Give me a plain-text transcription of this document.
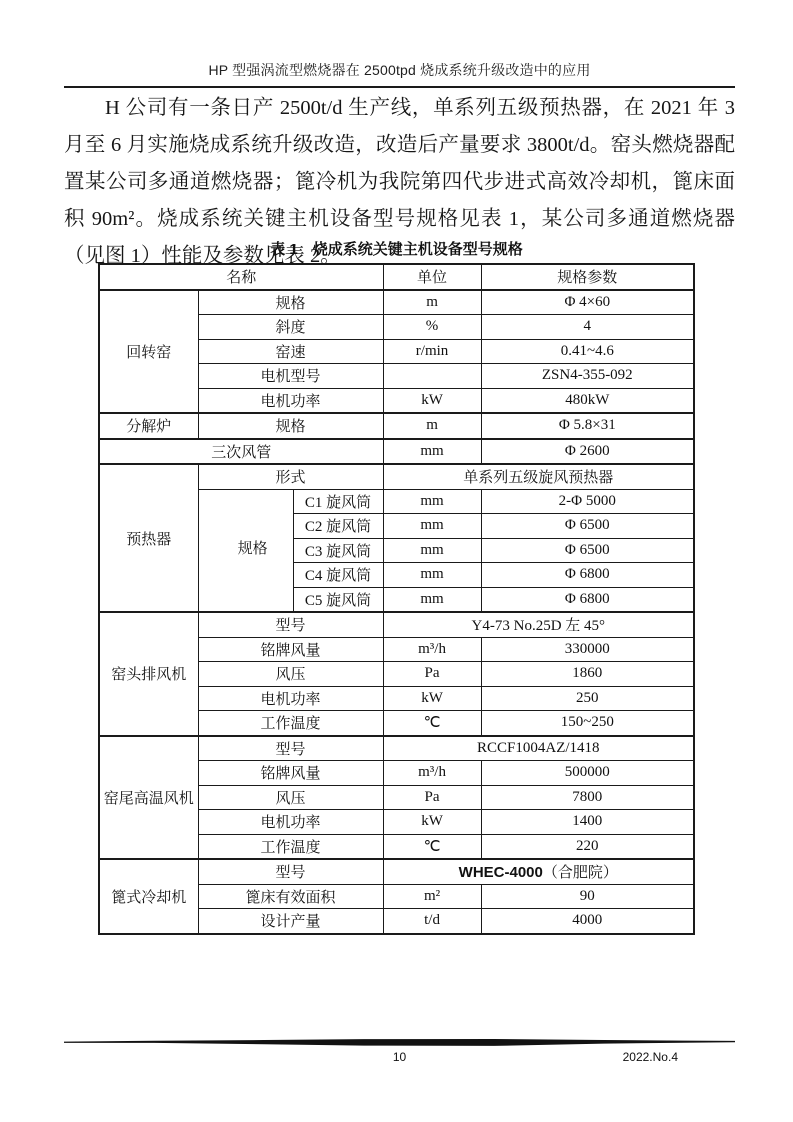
HP 型强涡流型燃烧器在 2500tpd 烧成系统升级改造中的应用

H 公司有一条日产 2500t/d 生产线，单系列五级预热器，在 2021 年 3 月至 6 月实施烧成系统升级改造，改造后产量要求 3800t/d。窑头燃烧器配置某公司多通道燃烧器；篦冷机为我院第四代步进式高效冷却机，篦床面积 90m²。烧成系统关键主机设备型号规格见表 1，某公司多通道燃烧器（见图 1）性能及参数见表 2。

表 1　烧成系统关键主机设备型号规格
名称			单位	规格参数
回转窑	规格		m	Φ 4×60
	斜度		%	4
	窑速		r/min	0.41~4.6
	电机型号			ZSN4-355-092
	电机功率		kW	480kW
分解炉	规格		m	Φ 5.8×31
三次风管			mm	Φ 2600
预热器	形式		单系列五级旋风预热器	
	规格	C1 旋风筒	mm	2-Φ 5000
		C2 旋风筒	mm	Φ 6500
		C3 旋风筒	mm	Φ 6500
		C4 旋风筒	mm	Φ 6800
		C5 旋风筒	mm	Φ 6800
窑头排风机	型号		Y4-73 No.25D 左 45°	
	铭牌风量		m³/h	330000
	风压		Pa	1860
	电机功率		kW	250
	工作温度		℃	150~250
窑尾高温风机	型号		RCCF1004AZ/1418	
	铭牌风量		m³/h	500000
	风压		Pa	7800
	电机功率		kW	1400
	工作温度		℃	220
篦式冷却机	型号		WHEC-4000（合肥院）	
	篦床有效面积		m²	90
	设计产量		t/d	4000
10	2022.No.4
